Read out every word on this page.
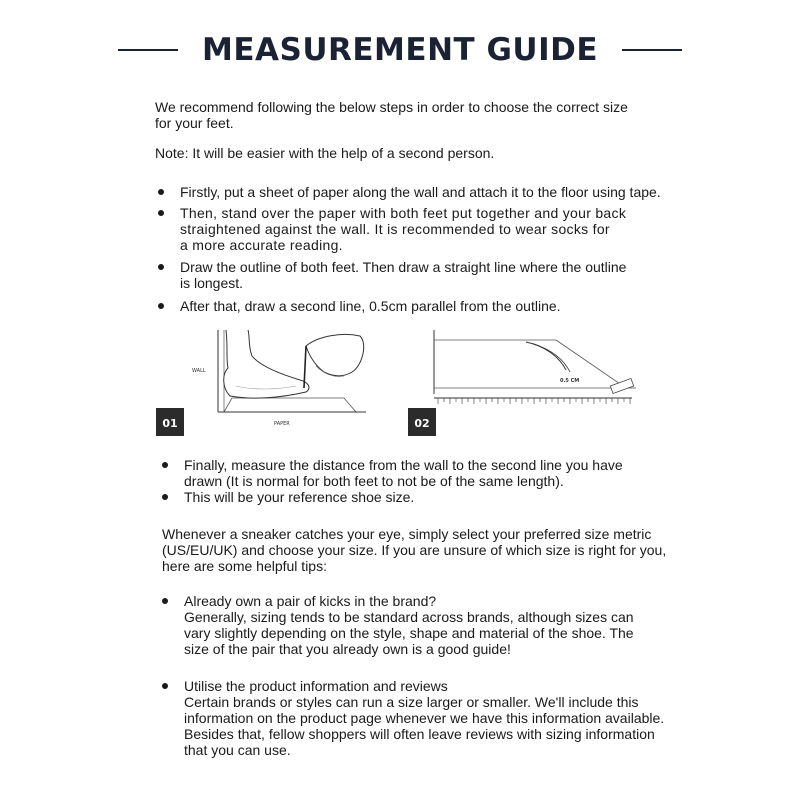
MEASUREMENT GUIDE
We recommend following the below steps in order to choose the correct size
for your feet.
Note: It will be easier with the help of a second person.
Firstly, put a sheet of paper along the wall and attach it to the floor using tape.
Then, stand over the paper with both feet put together and your back
straightened against the wall. It is recommended to wear socks for
a more accurate reading.
Draw the outline of both feet. Then draw a straight line where the outline
is longest.
After that, draw a second line, 0.5cm parallel from the outline.
WALL
PAPER
01
0.5 CM
02
Finally, measure the distance from the wall to the second line you have
drawn (It is normal for both feet to not be of the same length).
This will be your reference shoe size.
Whenever a sneaker catches your eye, simply select your preferred size metric
(US/EU/UK) and choose your size. If you are unsure of which size is right for you,
here are some helpful tips:
Already own a pair of kicks in the brand?
Generally, sizing tends to be standard across brands, although sizes can
vary slightly depending on the style, shape and material of the shoe. The
size of the pair that you already own is a good guide!
Utilise the product information and reviews
Certain brands or styles can run a size larger or smaller. We'll include this
information on the product page whenever we have this information available.
Besides that, fellow shoppers will often leave reviews with sizing information
that you can use.
